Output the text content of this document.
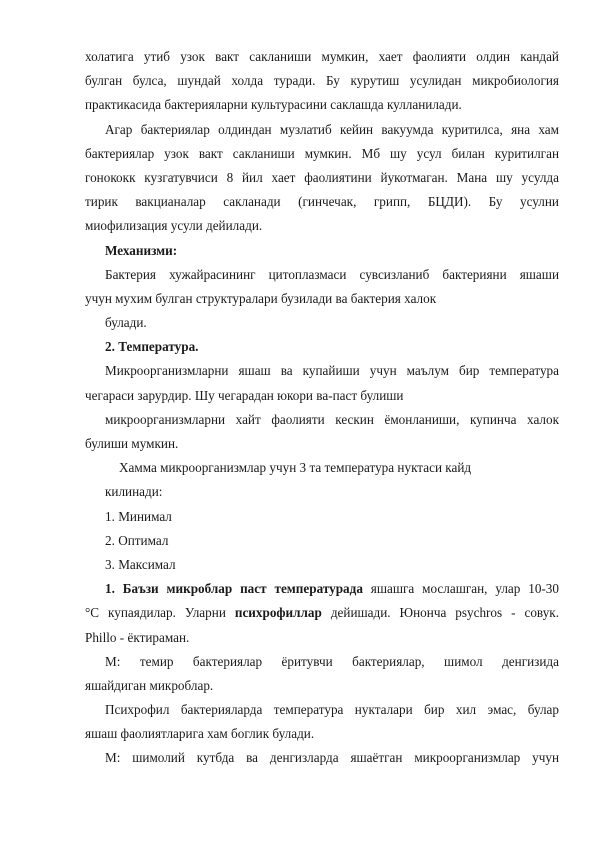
холатига утиб узок вакт сакланиши мумкин, хает фаолияти олдин кандай
булган булса, шундай холда туради. Бу курутиш усулидан микробиология
практикасида бактерияларни культурасини саклашда кулланилади.
Агар бактериялар олдиндан музлатиб кейин вакуумда куритилса, яна хам
бактериялар узок вакт сакланиши мумкин. Мб шу усул билан куритилган
гонококк кузгатувчиси 8 йил хает фаолиятини йукотмаган. Мана шу усулда
тирик вакцианалар сакланади (гинчечак, грипп, БЦДИ). Бу усулни
миофилизация усули дейилади.
Механизми:
Бактерия хужайрасининг цитоплазмаси сувсизланиб бактерияни яшаши
учун мухим булган структуралари бузилади ва бактерия халок
булади.
2. Температура.
Микроорганизмларни яшаш ва купайиши учун маълум бир температура
чегараси зарурдир. Шу чегарадан юкори ва-паст булиши
микроорганизмларни хайт фаолияти кескин ёмонланиши, купинча халок
булиши мумкин.
Хамма микроорганизмлар учун 3 та температура нуктаси кайд
килинади:
1. Минимал
2. Оптимал
3. Максимал
1. Баъзи микроблар паст температурада яшашга мослашган, улар 10-30
°С купаядилар. Уларни психрофиллар дейишади. Юнонча psychros - совук.
Phillo - ёктираман.
М: темир бактериялар ёритувчи бактериялар, шимол денгизида
яшайдиган микроблар.
Психрофил бактерияларда температура нукталари бир хил эмас, булар
яшаш фаолиятларига хам боглик булади.
М: шимолий кутбда ва денгизларда яшаётган микроорганизмлар учун
